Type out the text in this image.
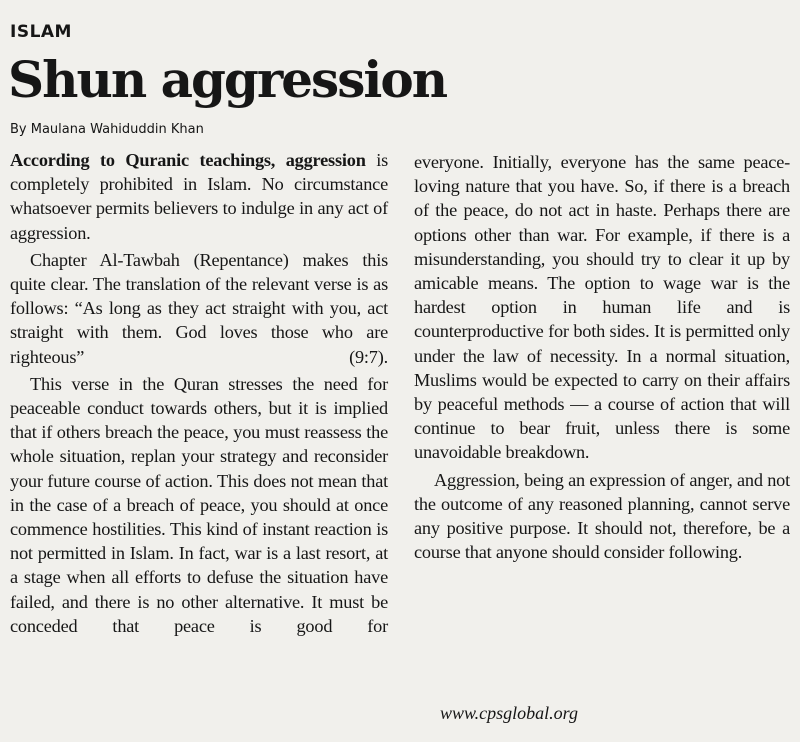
ISLAM
Shun aggression
By Maulana Wahiduddin Khan

According to Quranic teachings, aggression is completely prohibited in Islam. No circumstance whatsoever permits believers to indulge in any act of aggression.

Chapter Al-Tawbah (Repentance) makes this quite clear. The translation of the relevant verse is as follows: “As long as they act straight with you, act straight with them. God loves those who are righteous” (9:7).

This verse in the Quran stresses the need for peaceable conduct towards others, but it is implied that if others breach the peace, you must reassess the whole situation, replan your strategy and reconsider your future course of action. This does not mean that in the case of a breach of peace, you should at once commence hostilities. This kind of instant reaction is not permitted in Islam. In fact, war is a last resort, at a stage when all efforts to defuse the situation have failed, and there is no other alternative. It must be conceded that peace is good for

everyone. Initially, everyone has the same peace-loving nature that you have. So, if there is a breach of the peace, do not act in haste. Perhaps there are options other than war. For example, if there is a misunderstanding, you should try to clear it up by amicable means. The option to wage war is the hardest option in human life and is counterproductive for both sides. It is permitted only under the law of necessity. In a normal situation, Muslims would be expected to carry on their affairs by peaceful methods — a course of action that will continue to bear fruit, unless there is some unavoidable breakdown.

Aggression, being an expression of anger, and not the outcome of any reasoned planning, cannot serve any positive purpose. It should not, therefore, be a course that anyone should consider following.

www.cpsglobal.org
